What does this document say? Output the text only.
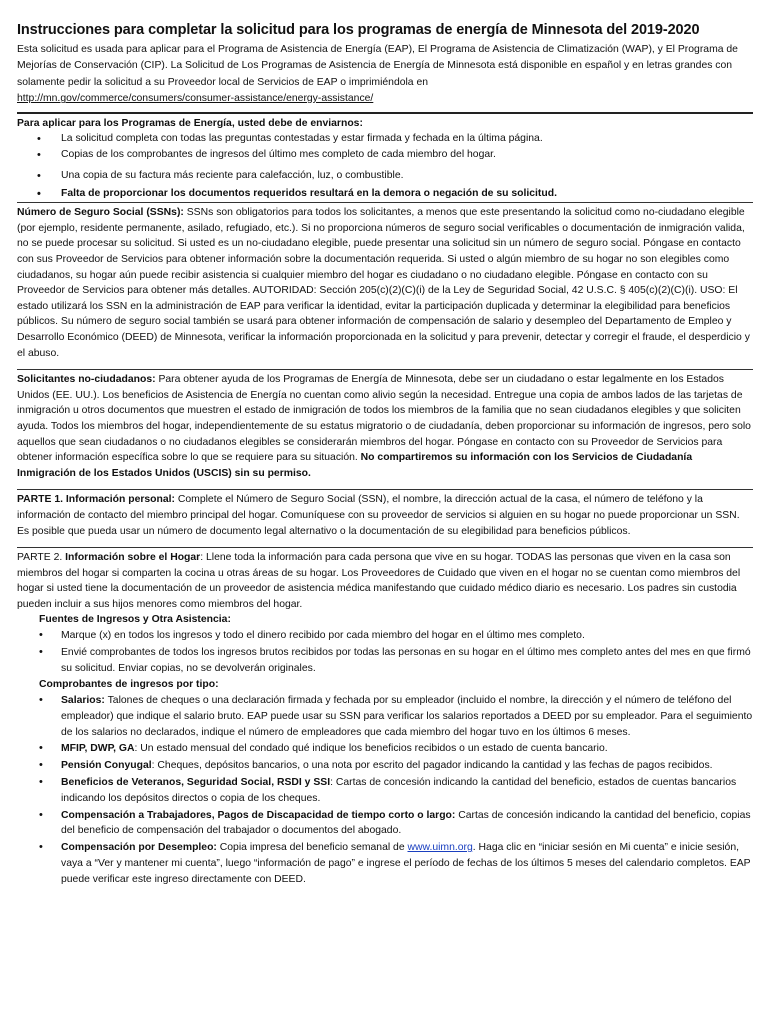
Instrucciones para completar la solicitud para los programas de energía de Minnesota del 2019-2020

Esta solicitud es usada para aplicar para el Programa de Asistencia de Energía (EAP), El Programa de Asistencia de Climatización (WAP), y El Programa de Mejorías de Conservación (CIP). La Solicitud de Los Programas de Asistencia de Energía de Minnesota está disponible en español y en letras grandes con solamente pedir la solicitud a su Proveedor local de Servicios de EAP o imprimiéndola en
http://mn.gov/commerce/consumers/consumer-assistance/energy-assistance/

Para aplicar para los Programas de Energía, usted debe de enviarnos:
• La solicitud completa con todas las preguntas contestadas y estar firmada y fechada en la última página.
• Copias de los comprobantes de ingresos del último mes completo de cada miembro del hogar.
• Una copia de su factura más reciente para calefacción, luz, o combustible.
• Falta de proporcionar los documentos requeridos resultará en la demora o negación de su solicitud.
Número de Seguro Social (SSNs): SSNs son obligatorios para todos los solicitantes, a menos que este presentando la solicitud como no-ciudadano elegible (por ejemplo, residente permanente, asilado, refugiado, etc.). Si no proporciona números de seguro social verificables o documentación de inmigración valida, no se puede procesar su solicitud. Si usted es un no-ciudadano elegible, puede presentar una solicitud sin un número de seguro social. Póngase en contacto con sus Proveedor de Servicios para obtener información sobre la documentación requerida. Si usted o algún miembro de su hogar no son elegibles como ciudadanos, su hogar aún puede recibir asistencia si cualquier miembro del hogar es ciudadano o no ciudadano elegible. Póngase en contacto con su Proveedor de Servicios para obtener más detalles. AUTORIDAD: Sección 205(c)(2)(C)(i) de la Ley de Seguridad Social, 42 U.S.C. § 405(c)(2)(C)(i). USO: El estado utilizará los SSN en la administración de EAP para verificar la identidad, evitar la participación duplicada y determinar la elegibilidad para beneficios públicos. Su número de seguro social también se usará para obtener información de compensación de salario y desempleo del Departamento de Empleo y Desarrollo Económico (DEED) de Minnesota, verificar la información proporcionada en la solicitud y para prevenir, detectar y corregir el fraude, el desperdicio y el abuso.
Solicitantes no-ciudadanos: Para obtener ayuda de los Programas de Energía de Minnesota, debe ser un ciudadano o estar legalmente en los Estados Unidos (EE. UU.). Los beneficios de Asistencia de Energía no cuentan como alivio según la necesidad. Entregue una copia de ambos lados de las tarjetas de inmigración u otros documentos que muestren el estado de inmigración de todos los miembros de la familia que no sean ciudadanos elegibles y que soliciten ayuda. Todos los miembros del hogar, independientemente de su estatus migratorio o de ciudadanía, deben proporcionar su información de ingresos, pero solo aquellos que sean ciudadanos o no ciudadanos elegibles se considerarán miembros del hogar. Póngase en contacto con su Proveedor de Servicios para obtener información específica sobre lo que se requiere para su situación. No compartiremos su información con los Servicios de Ciudadanía Inmigración de los Estados Unidos (USCIS) sin su permiso.
PARTE 1. Información personal: Complete el Número de Seguro Social (SSN), el nombre, la dirección actual de la casa, el número de teléfono y la información de contacto del miembro principal del hogar. Comuníquese con su proveedor de servicios si alguien en su hogar no puede proporcionar un SSN. Es posible que pueda usar un número de documento legal alternativo o la documentación de su elegibilidad para beneficios públicos.
PARTE 2. Información sobre el Hogar: Llene toda la información para cada persona que vive en su hogar. TODAS las personas que viven en la casa son miembros del hogar si comparten la cocina u otras áreas de su hogar. Los Proveedores de Cuidado que viven en el hogar no se cuentan como miembros del hogar si usted tiene la documentación de un proveedor de asistencia médica manifestando que cuidado médico diario es necesario. Los padres sin custodia pueden incluir a sus hijos menores como miembros del hogar.
Fuentes de Ingresos y Otra Asistencia:
• Marque (x) en todos los ingresos y todo el dinero recibido por cada miembro del hogar en el último mes completo.
• Envié comprobantes de todos los ingresos brutos recibidos por todas las personas en su hogar en el último mes completo antes del mes en que firmó su solicitud. Enviar copias, no se devolverán originales.
Comprobantes de ingresos por tipo:
• Salarios: Talones de cheques o una declaración firmada y fechada por su empleador (incluido el nombre, la dirección y el número de teléfono del empleador) que indique el salario bruto. EAP puede usar su SSN para verificar los salarios reportados a DEED por su empleador. Para el seguimiento de los salarios no declarados, indique el número de empleadores que cada miembro del hogar tuvo en los últimos 6 meses.
• MFIP, DWP, GA: Un estado mensual del condado qué indique los beneficios recibidos o un estado de cuenta bancario.
• Pensión Conyugal: Cheques, depósitos bancarios, o una nota por escrito del pagador indicando la cantidad y las fechas de pagos recibidos.
• Beneficios de Veteranos, Seguridad Social, RSDI y SSI: Cartas de concesión indicando la cantidad del beneficio, estados de cuentas bancarios indicando los depósitos directos o copia de los cheques.
• Compensación a Trabajadores, Pagos de Discapacidad de tiempo corto o largo: Cartas de concesión indicando la cantidad del beneficio, copias del beneficio de compensación del trabajador o documentos del abogado.
• Compensación por Desempleo: Copia impresa del beneficio semanal de www.uimn.org. Haga clic en “iniciar sesión en Mi cuenta” e inicie sesión, vaya a “Ver y mantener mi cuenta”, luego “información de pago” e ingrese el período de fechas de los últimos 5 meses del calendario completos. EAP puede verificar este ingreso directamente con DEED.
